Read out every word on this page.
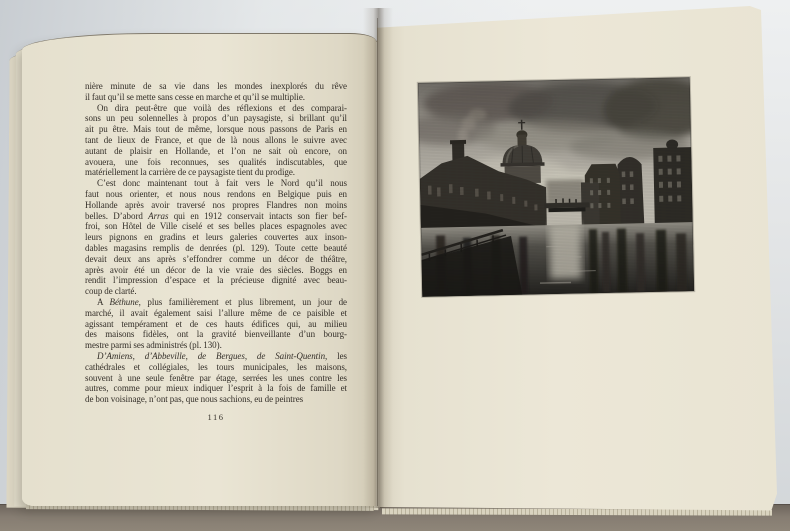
nière minute de sa vie dans les mondes inexplorés du rêve
il faut qu’il se mette sans cesse en marche et qu’il se multiplie.
On dira peut-être que voilà des réflexions et des comparai-
sons un peu solennelles à propos d’un paysagiste, si brillant qu’il
ait pu être. Mais tout de même, lorsque nous passons de Paris en
tant de lieux de France, et que de là nous allons le suivre avec
autant de plaisir en Hollande, et l’on ne sait où encore, on
avouera, une fois reconnues, ses qualités indiscutables, que
matériellement la carrière de ce paysagiste tient du prodige.
C’est donc maintenant tout à fait vers le Nord qu’il nous
faut nous orienter, et nous nous rendons en Belgique puis en
Hollande après avoir traversé nos propres Flandres non moins
belles. D’abord Arras qui en 1912 conservait intacts son fier bef-
froi, son Hôtel de Ville ciselé et ses belles places espagnoles avec
leurs pignons en gradins et leurs galeries couvertes aux inson-
dables magasins remplis de denrées (pl. 129). Toute cette beauté
devait deux ans après s’effondrer comme un décor de théâtre,
après avoir été un décor de la vie vraie des siècles. Boggs en
rendit l’impression d’espace et la précieuse dignité avec beau-
coup de clarté.
A Béthune, plus familièrement et plus librement, un jour de
marché, il avait également saisi l’allure même de ce paisible et
agissant tempérament et de ces hauts édifices qui, au milieu
des maisons fidèles, ont la gravité bienveillante d’un bourg-
mestre parmi ses administrés (pl. 130).
D’Amiens, d’Abbeville, de Bergues, de Saint-Quentin, les
cathédrales et collégiales, les tours municipales, les maisons,
souvent à une seule fenêtre par étage, serrées les unes contre les
autres, comme pour mieux indiquer l’esprit à la fois de famille et
de bon voisinage, n’ont pas, que nous sachions, eu de peintres
116
